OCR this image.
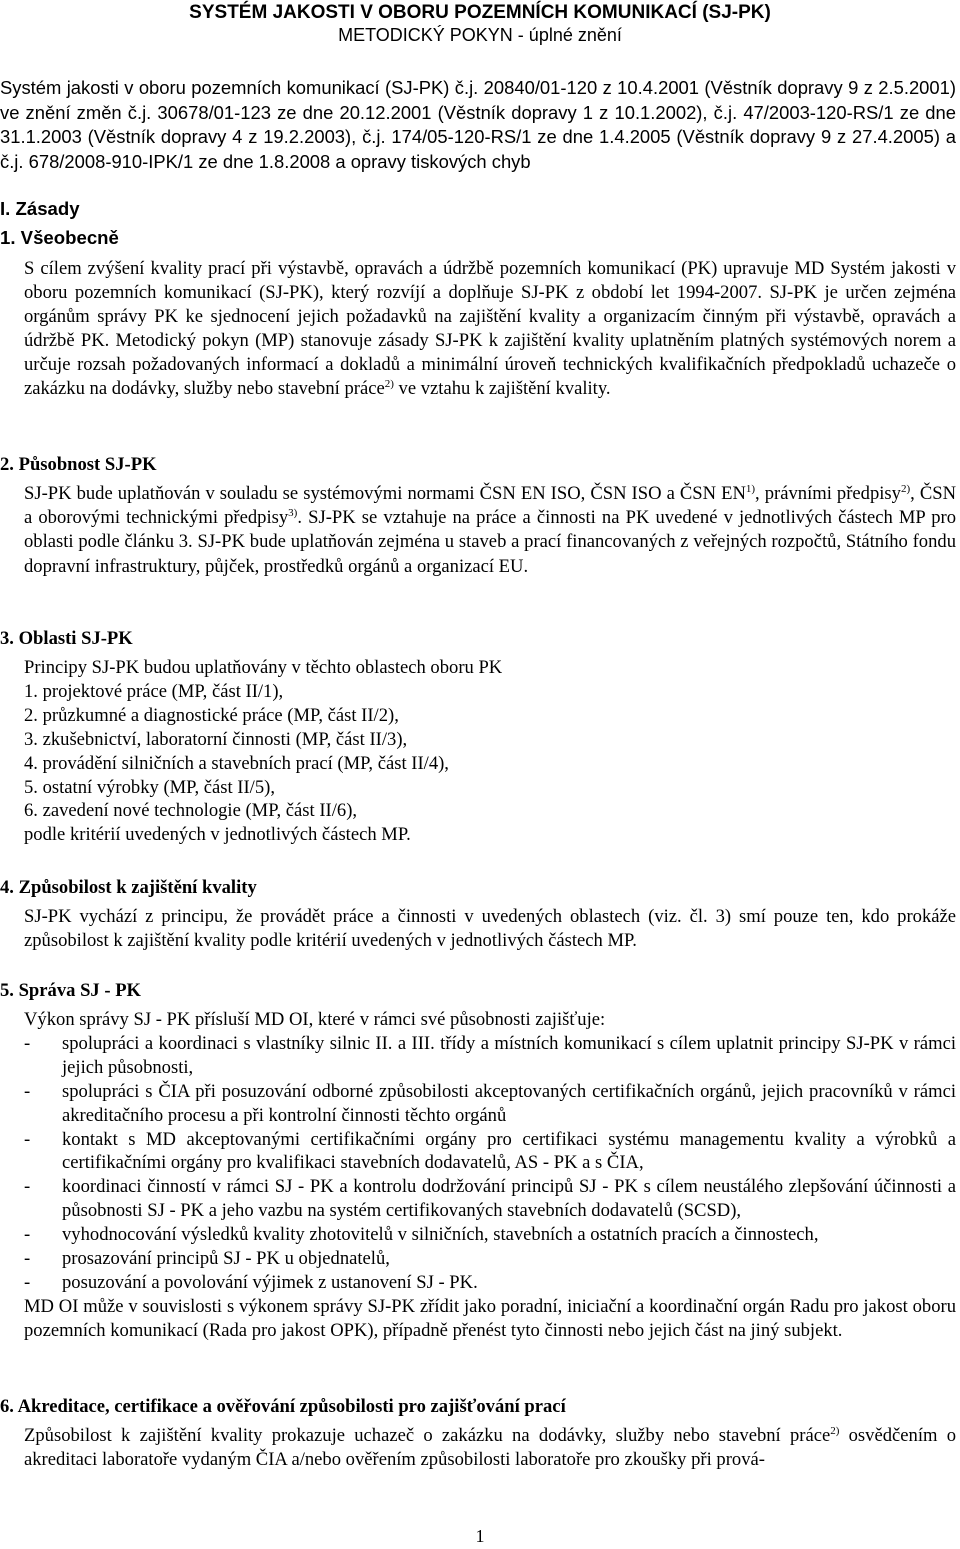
SYSTÉM JAKOSTI V OBORU POZEMNÍCH KOMUNIKACÍ (SJ-PK)
METODICKÝ POKYN - úplné znění
Systém jakosti v oboru pozemních komunikací (SJ-PK) č.j. 20840/01-120 z 10.4.2001 (Věstník dopravy 9 z 2.5.2001) ve znění změn č.j. 30678/01-123 ze dne 20.12.2001 (Věstník dopravy 1 z 10.1.2002), č.j. 47/2003-120-RS/1 ze dne 31.1.2003 (Věstník dopravy 4 z 19.2.2003), č.j. 174/05-120-RS/1 ze dne 1.4.2005 (Věstník dopravy 9 z 27.4.2005) a č.j. 678/2008-910-IPK/1 ze dne 1.8.2008 a opravy tiskových chyb
I. Zásady
1. Všeobecně
S cílem zvýšení kvality prací při výstavbě, opravách a údržbě pozemních komunikací (PK) upravuje MD Systém jakosti v oboru pozemních komunikací (SJ-PK), který rozvíjí a doplňuje SJ-PK z období let 1994-2007. SJ-PK je určen zejména orgánům správy PK ke sjednocení jejich požadavků na zajištění kvality a organizacím činným při výstavbě, opravách a údržbě PK. Metodický pokyn (MP) stanovuje zásady SJ-PK k zajištění kvality uplatněním platných systémových norem a určuje rozsah požadovaných informací a dokladů a minimální úroveň technických kvalifikačních předpokladů uchazeče o zakázku na dodávky, služby nebo stavební práce$^{2)}$ ve vztahu k zajištění kvality.
2. Působnost SJ-PK
SJ-PK bude uplatňován v souladu se systémovými normami ČSN EN ISO, ČSN ISO a ČSN EN$^{1)}$, právními předpisy$^{2)}$, ČSN a oborovými technickými předpisy$^{3)}$. SJ-PK se vztahuje na práce a činnosti na PK uvedené v jednotlivých částech MP pro oblasti podle článku 3. SJ-PK bude uplatňován zejména u staveb a prací financovaných z veřejných rozpočtů, Státního fondu dopravní infrastruktury, půjček, prostředků orgánů a organizací EU.
3. Oblasti SJ-PK
Principy SJ-PK budou uplatňovány v těchto oblastech oboru PK
1. projektové práce (MP, část II/1),
2. průzkumné a diagnostické práce (MP, část II/2),
3. zkušebnictví, laboratorní činnosti (MP, část II/3),
4. provádění silničních a stavebních prací (MP, část II/4),
5. ostatní výrobky (MP, část II/5),
6. zavedení nové technologie (MP, část II/6),
podle kritérií uvedených v jednotlivých částech MP.
4. Způsobilost k zajištění kvality
SJ-PK vychází z principu, že provádět práce a činnosti v uvedených oblastech (viz. čl. 3) smí pouze ten, kdo prokáže způsobilost k zajištění kvality podle kritérií uvedených v jednotlivých částech MP.
5. Správa SJ - PK
Výkon správy SJ - PK přísluší MD OI, které v rámci své působnosti zajišťuje:
- spolupráci a koordinaci s vlastníky silnic II. a III. třídy a místních komunikací s cílem uplatnit principy SJ-PK v rámci jejich působnosti,
- spolupráci s ČIA při posuzování odborné způsobilosti akceptovaných certifikačních orgánů, jejich pracovníků v rámci akreditačního procesu a při kontrolní činnosti těchto orgánů
- kontakt s MD akceptovanými certifikačními orgány pro certifikaci systému managementu kvality a výrobků a certifikačními orgány pro kvalifikaci stavebních dodavatelů, AS - PK a s ČIA,
- koordinaci činností v rámci SJ - PK a kontrolu dodržování principů SJ - PK s cílem neustálého zlepšování účinnosti a působnosti SJ - PK a jeho vazbu na systém certifikovaných stavebních dodavatelů (SCSD),
- vyhodnocování výsledků kvality zhotovitelů v silničních, stavebních a ostatních pracích a činnostech,
- prosazování principů SJ - PK u objednatelů,
- posuzování a povolování výjimek z ustanovení SJ - PK.
MD OI může v souvislosti s výkonem správy SJ-PK zřídit jako poradní, iniciační a koordinační orgán Radu pro jakost oboru pozemních komunikací (Rada pro jakost OPK), případně přenést tyto činnosti nebo jejich část na jiný subjekt.
6. Akreditace, certifikace a ověřování způsobilosti pro zajišťování prací
Způsobilost k zajištění kvality prokazuje uchazeč o zakázku na dodávky, služby nebo stavební práce$^{2)}$ osvědčením o akreditaci laboratoře vydaným ČIA a/nebo ověřením způsobilosti laboratoře pro zkoušky při prová-
1
